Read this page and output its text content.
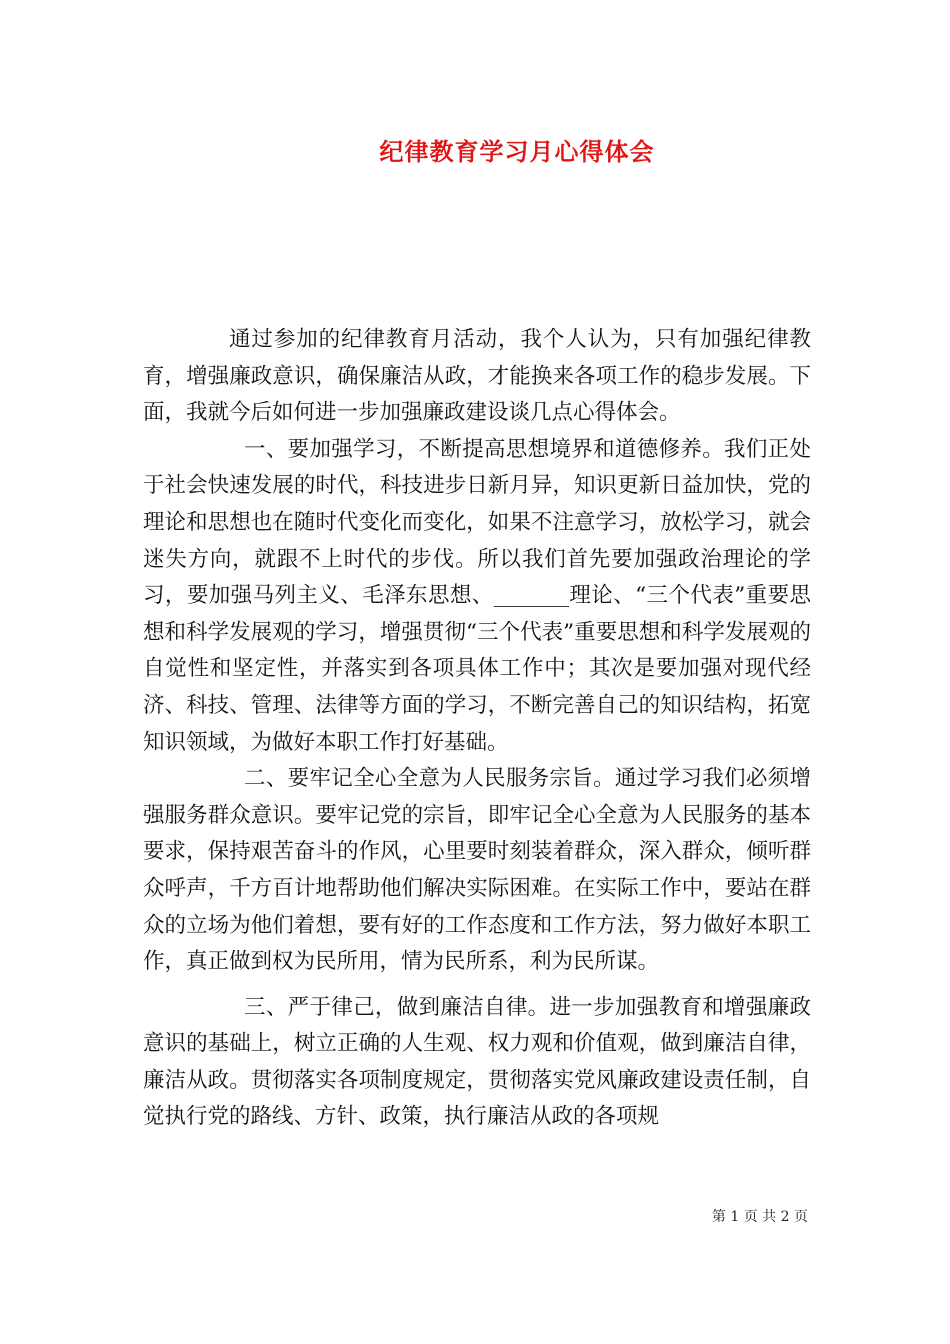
纪律教育学习月心得体会

通过参加的纪律教育月活动，我个人认为，只有加强纪律教育，增强廉政意识，确保廉洁从政，才能换来各项工作的稳步发展。下面，我就今后如何进一步加强廉政建设谈几点心得体会。

一、要加强学习，不断提高思想境界和道德修养。我们正处于社会快速发展的时代，科技进步日新月异，知识更新日益加快，党的理论和思想也在随时代变化而变化，如果不注意学习，放松学习，就会迷失方向，就跟不上时代的步伐。所以我们首先要加强政治理论的学习，要加强马列主义、毛泽东思想、_______理论、“三个代表”重要思想和科学发展观的学习，增强贯彻“三个代表”重要思想和科学发展观的自觉性和坚定性，并落实到各项具体工作中；其次是要加强对现代经济、科技、管理、法律等方面的学习，不断完善自己的知识结构，拓宽知识领域，为做好本职工作打好基础。

二、要牢记全心全意为人民服务宗旨。通过学习我们必须增强服务群众意识。要牢记党的宗旨，即牢记全心全意为人民服务的基本要求，保持艰苦奋斗的作风，心里要时刻装着群众，深入群众，倾听群众呼声，千方百计地帮助他们解决实际困难。在实际工作中，要站在群众的立场为他们着想，要有好的工作态度和工作方法，努力做好本职工作，真正做到权为民所用，情为民所系，利为民所谋。

三、严于律己，做到廉洁自律。进一步加强教育和增强廉政意识的基础上，树立正确的人生观、权力观和价值观，做到廉洁自律，廉洁从政。贯彻落实各项制度规定，贯彻落实党风廉政建设责任制，自觉执行党的路线、方针、政策，执行廉洁从政的各项规

第 1 页 共 2 页
